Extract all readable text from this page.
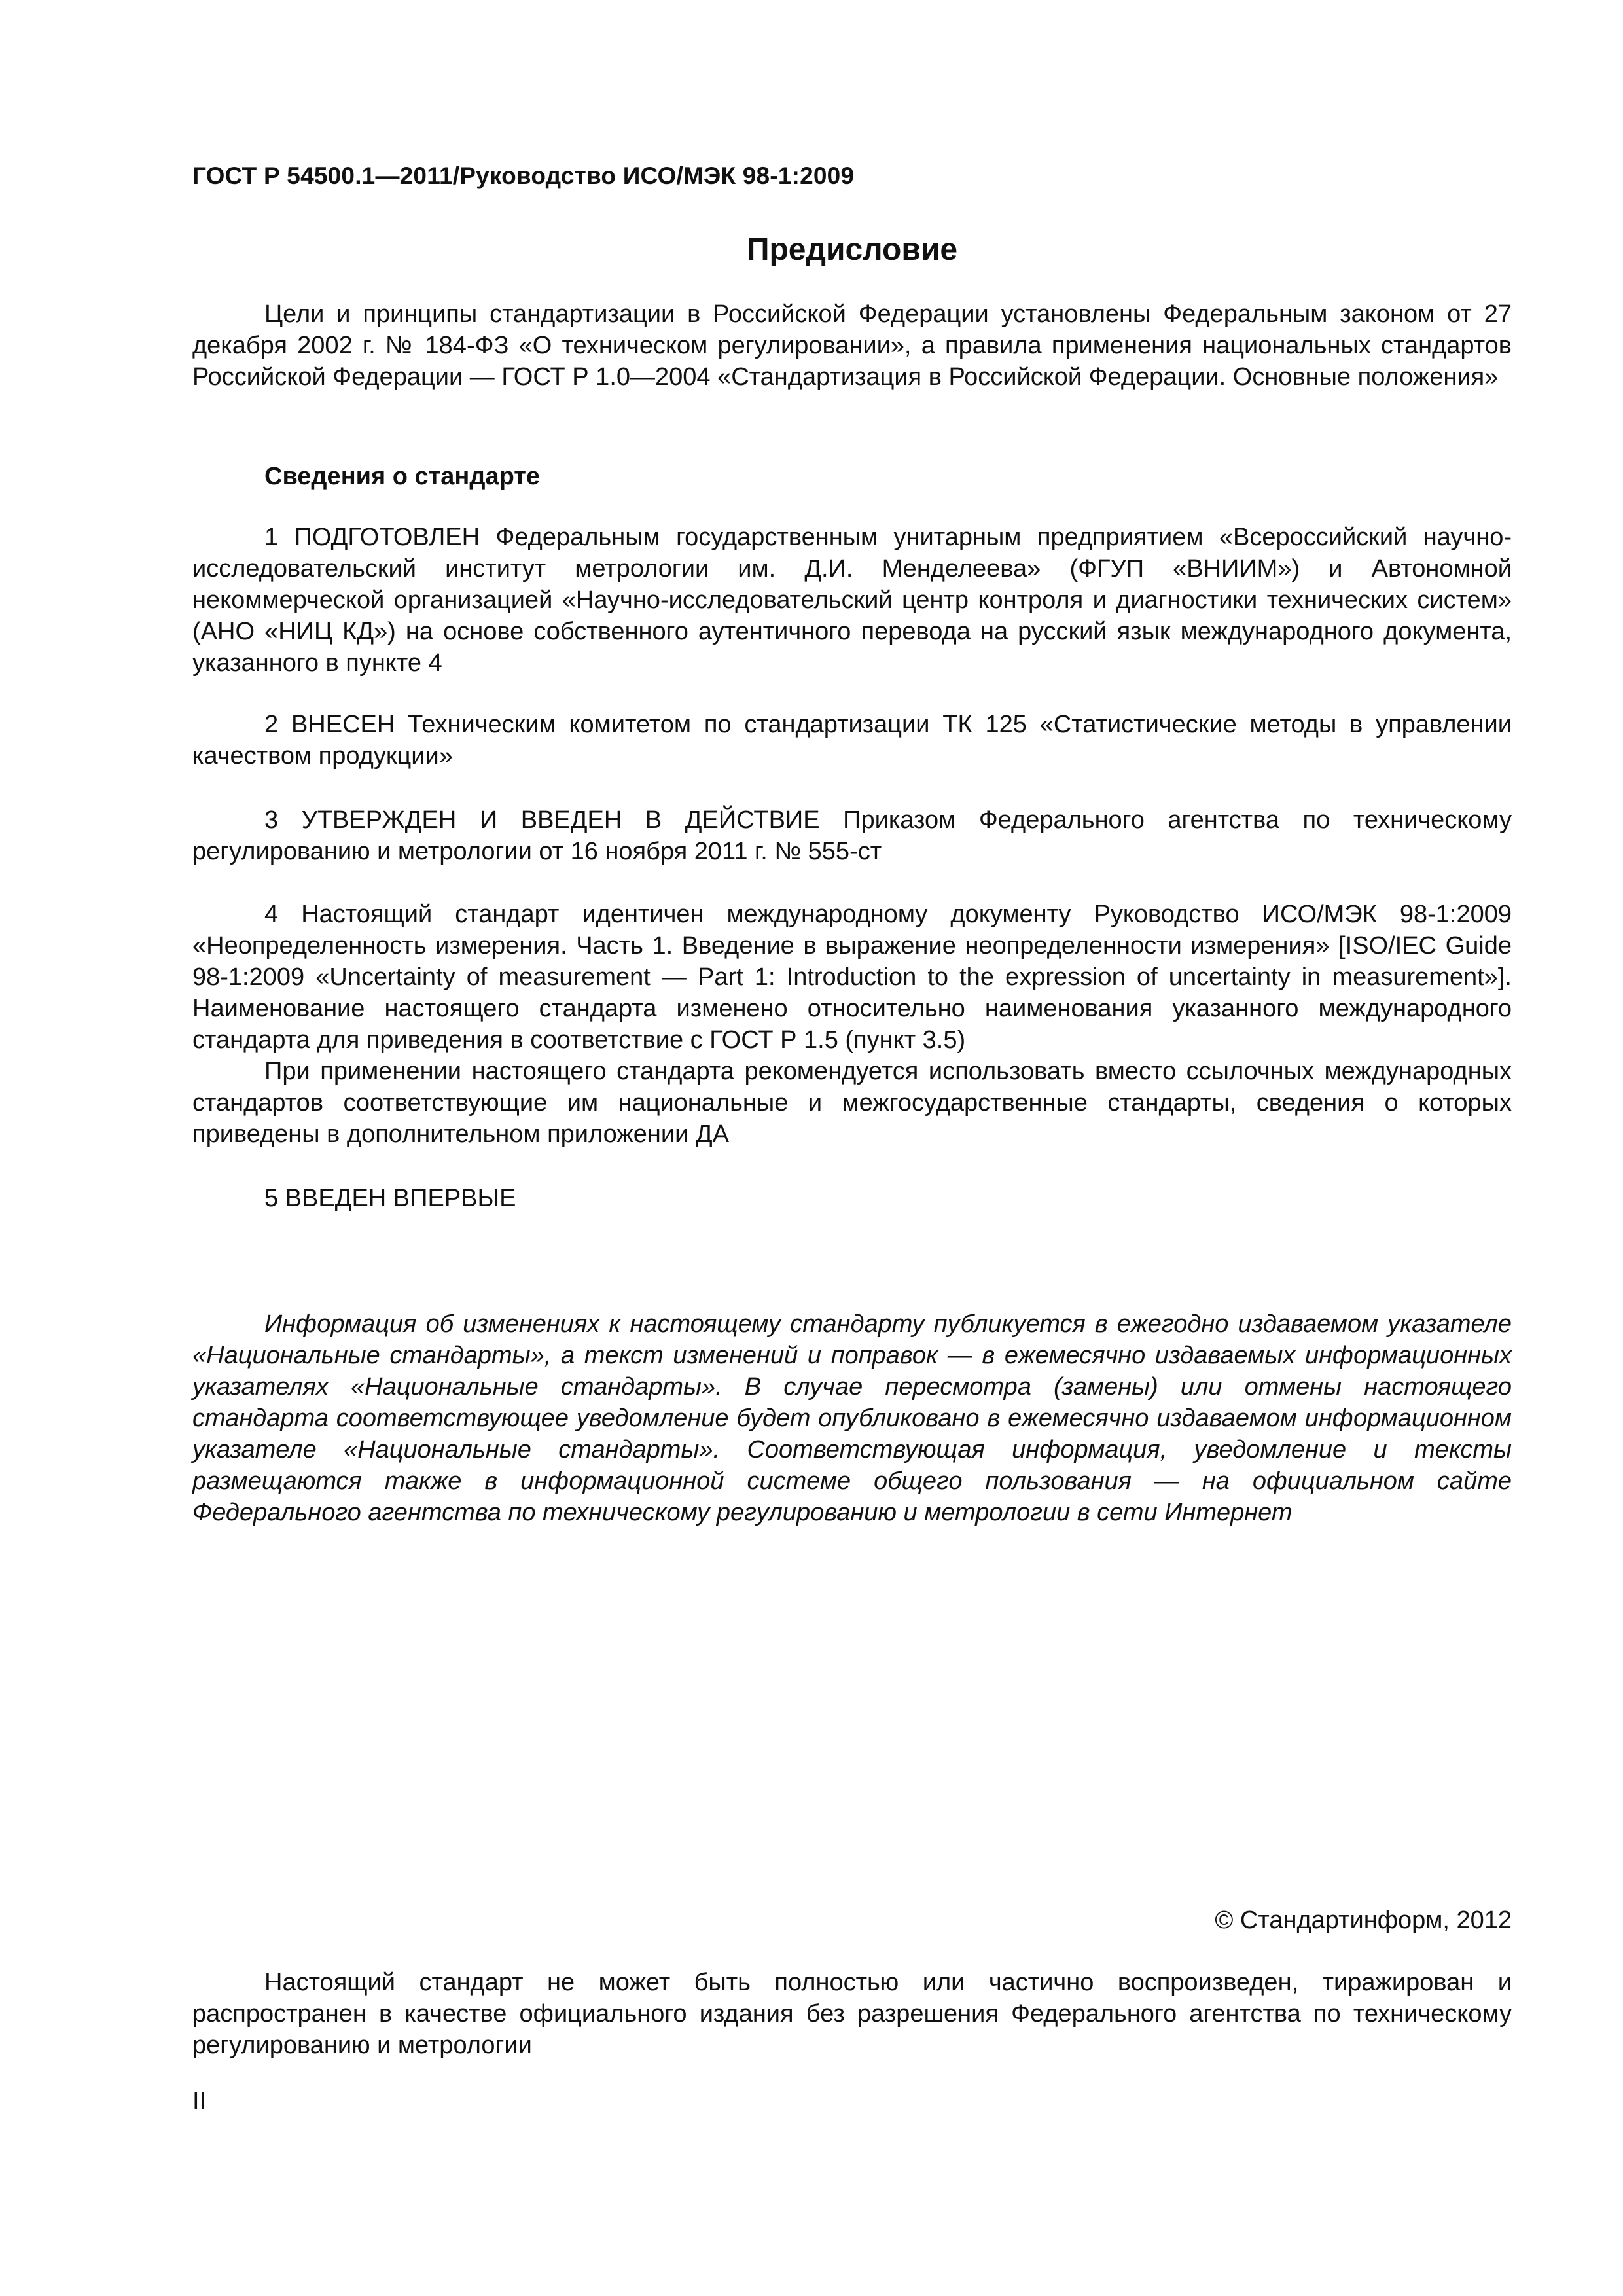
ГОСТ Р 54500.1—2011/Руководство ИСО/МЭК 98-1:2009
Предисловие
Цели и принципы стандартизации в Российской Федерации установлены Федеральным законом от 27 декабря 2002 г. № 184-ФЗ «О техническом регулировании», а правила применения национальных стандартов Российской Федерации — ГОСТ Р 1.0—2004 «Стандартизация в Российской Федерации. Основные положения»
Сведения о стандарте
1 ПОДГОТОВЛЕН Федеральным государственным унитарным предприятием «Всероссийский научно-исследовательский институт метрологии им. Д.И. Менделеева» (ФГУП «ВНИИМ») и Автономной некоммерческой организацией «Научно-исследовательский центр контроля и диагностики технических систем» (АНО «НИЦ КД») на основе собственного аутентичного перевода на русский язык международного документа, указанного в пункте 4
2 ВНЕСЕН Техническим комитетом по стандартизации ТК 125 «Статистические методы в управлении качеством продукции»
3 УТВЕРЖДЕН И ВВЕДЕН В ДЕЙСТВИЕ Приказом Федерального агентства по техническому регулированию и метрологии от 16 ноября 2011 г. № 555-ст
4 Настоящий стандарт идентичен международному документу Руководство ИСО/МЭК 98-1:2009 «Неопределенность измерения. Часть 1. Введение в выражение неопределенности измерения» [ISO/IEC Guide 98-1:2009 «Uncertainty of measurement — Part 1: Introduction to the expression of uncertainty in measurement»]. Наименование настоящего стандарта изменено относительно наименования указанного международного стандарта для приведения в соответствие с ГОСТ Р 1.5 (пункт 3.5)
При применении настоящего стандарта рекомендуется использовать вместо ссылочных международных стандартов соответствующие им национальные и межгосударственные стандарты, сведения о которых приведены в дополнительном приложении ДА
5 ВВЕДЕН ВПЕРВЫЕ
Информация об изменениях к настоящему стандарту публикуется в ежегодно издаваемом указателе «Национальные стандарты», а текст изменений и поправок — в ежемесячно издаваемых информационных указателях «Национальные стандарты». В случае пересмотра (замены) или отмены настоящего стандарта соответствующее уведомление будет опубликовано в ежемесячно издаваемом информационном указателе «Национальные стандарты». Соответствующая информация, уведомление и тексты размещаются также в информационной системе общего пользования — на официальном сайте Федерального агентства по техническому регулированию и метрологии в сети Интернет
© Стандартинформ, 2012
Настоящий стандарт не может быть полностью или частично воспроизведен, тиражирован и распространен в качестве официального издания без разрешения Федерального агентства по техническому регулированию и метрологии
II
